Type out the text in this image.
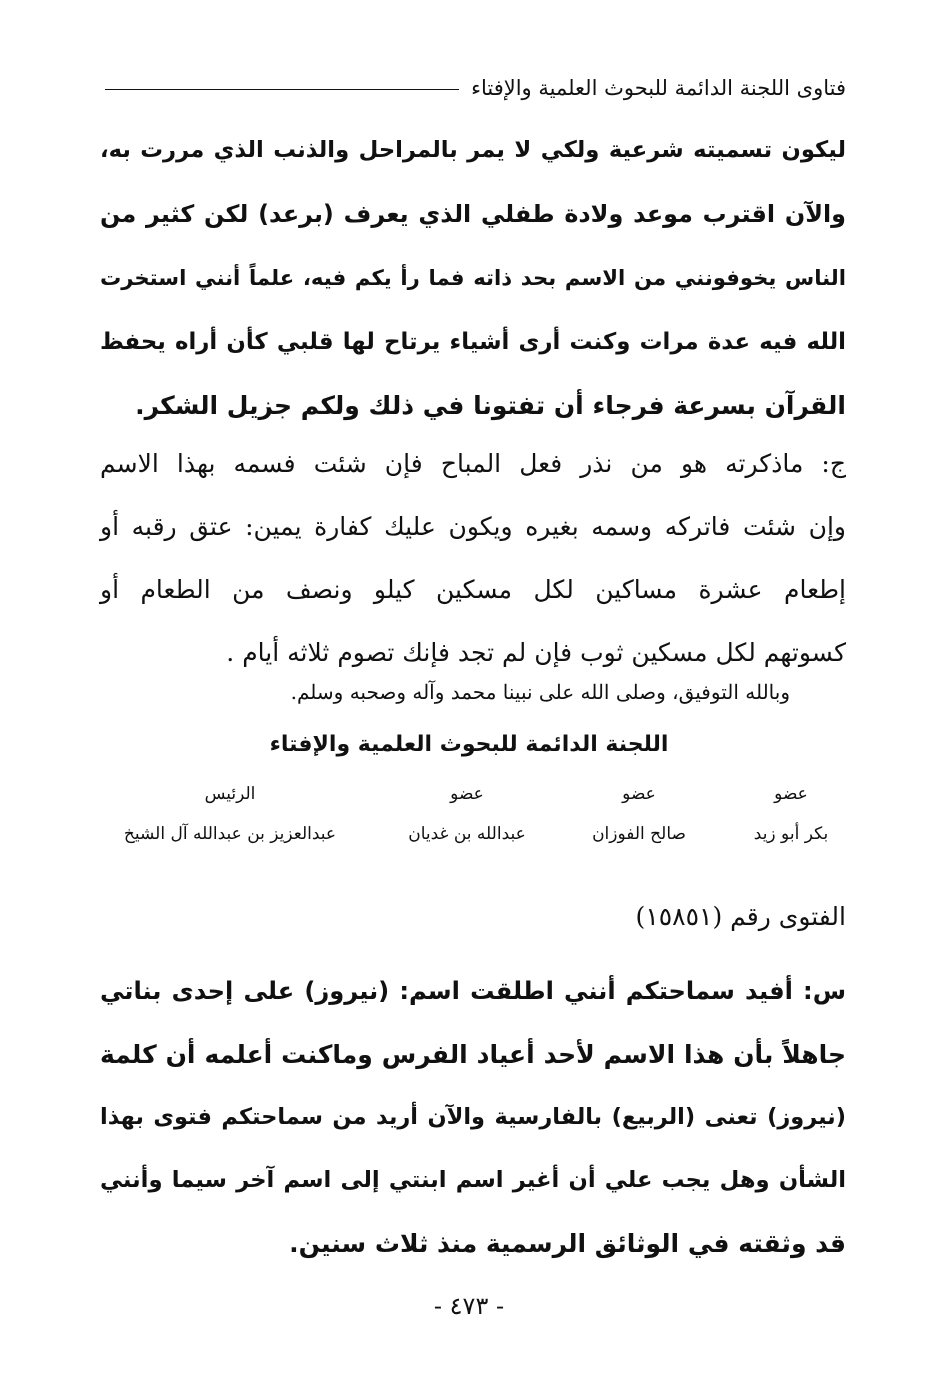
فتاوى اللجنة الدائمة للبحوث العلمية والإفتاء
ليكون تسميته شرعية ولكي لا يمر بالمراحل والذنب الذي مررت به،
والآن اقترب موعد ولادة طفلي الذي يعرف (برعد) لكن كثير من
الناس يخوفونني من الاسم بحد ذاته فما رأ يكم فيه، علماً أنني استخرت
الله فيه عدة مرات وكنت أرى أشياء يرتاح لها قلبي كأن أراه يحفظ
القرآن بسرعة فرجاء أن تفتونا في ذلك ولكم جزيل الشكر.
ج: ماذكرته هو من نذر فعل المباح فإن شئت فسمه بهذا الاسم
وإن شئت فاتركه وسمه بغيره ويكون عليك كفارة يمين: عتق رقبه أو
إطعام عشرة مساكين لكل مسكين كيلو ونصف من الطعام أو
كسوتهم لكل مسكين ثوب فإن لم تجد فإنك تصوم ثلاثه أيام .
وبالله التوفيق، وصلى الله على نبينا محمد وآله وصحبه وسلم.
اللجنة الدائمة للبحوث العلمية والإفتاء
عضو
عضو
عضو
الرئيس
بكر أبو زيد
صالح الفوزان
عبدالله بن غديان
عبدالعزيز بن عبدالله آل الشيخ
الفتوى رقم (١٥٨٥١)
س: أفيد سماحتكم أنني اطلقت اسم: (نيروز) على إحدى بناتي
جاهلاً بأن هذا الاسم لأحد أعياد الفرس وماكنت أعلمه أن كلمة
(نيروز) تعنى (الربيع) بالفارسية والآن أريد من سماحتكم فتوى بهذا
الشأن وهل يجب علي أن أغير اسم ابنتي إلى اسم آخر سيما وأنني
قد وثقته في الوثائق الرسمية منذ ثلاث سنين.
- ٤٧٣ -
